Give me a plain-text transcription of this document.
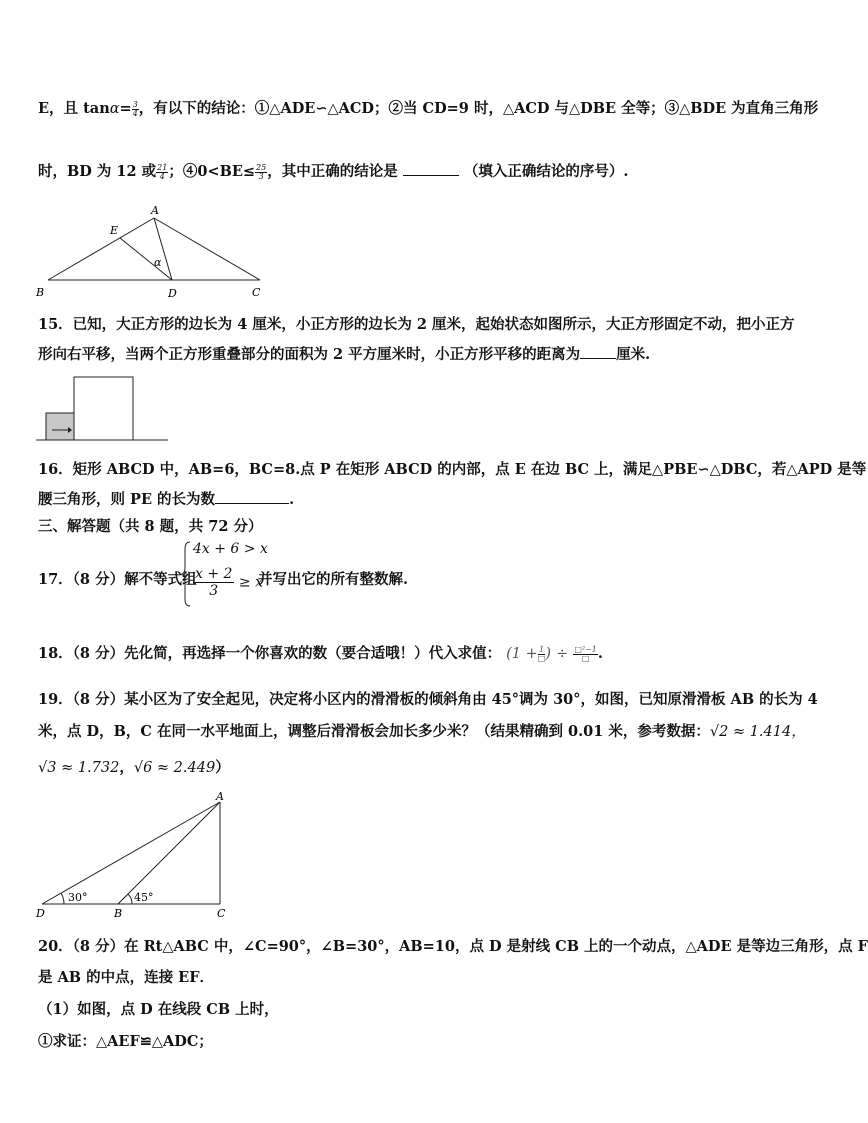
E，且 $\tan\alpha= \frac{3}{4}$ ，有以下的结论：①△ADE∽△ACD；②当 CD=9 时，△ACD 与△DBE 全等；③△BDE 为直角三角形
时，BD 为 12 或 $\frac{21}{4}$ ；④0<BE≤ $\frac{25}{3}$ ，其中正确的结论是	（填入正确结论的序号）.
A
E
α
B	D	C
15．已知，大正方形的边长为 4 厘米，小正方形的边长为 2 厘米，起始状态如图所示，大正方形固定不动，把小正方
形向右平移，当两个正方形重叠部分的面积为 2 平方厘米时，小正方形平移的距离为 厘米.
16．矩形 ABCD 中，AB=6，BC=8.点 P 在矩形 ABCD 的内部，点 E 在边 BC 上，满足△PBE∽△DBC，若△APD 是等
腰三角形，则 PE 的长为数	.
三、解答题（共 8 题，共 72 分）
17．（8 分）解不等式组
4x + 6 > x
$\frac{x + 2}{3} \ge x$
并写出它的所有整数解.
18．（8 分）先化简，再选择一个你喜欢的数（要合适哦！）代入求值： ($1 + \frac{1}{□}$ ) ÷ $\frac{\text{□²−1}}{□}$ .
19．（8 分）某小区为了安全起见，决定将小区内的滑滑板的倾斜角由 45°调为 30°，如图，已知原滑滑板 AB 的长为 4
米，点 D，B，C 在同一水平地面上，调整后滑滑板会加长多少米？（结果精确到 0.01 米，参考数据：√2 ≈ 1.414，
√3 ≈ 1.732，√6 ≈ 2.449）
A
D	B	C
30°	45°
20．（8 分）在 Rt△ABC 中，∠C=90°，∠B=30°，AB=10，点 D 是射线 CB 上的一个动点，△ADE 是等边三角形，点 F
是 AB 的中点，连接 EF．
（1）如图，点 D 在线段 CB 上时，
①求证：△AEF≌△ADC；
